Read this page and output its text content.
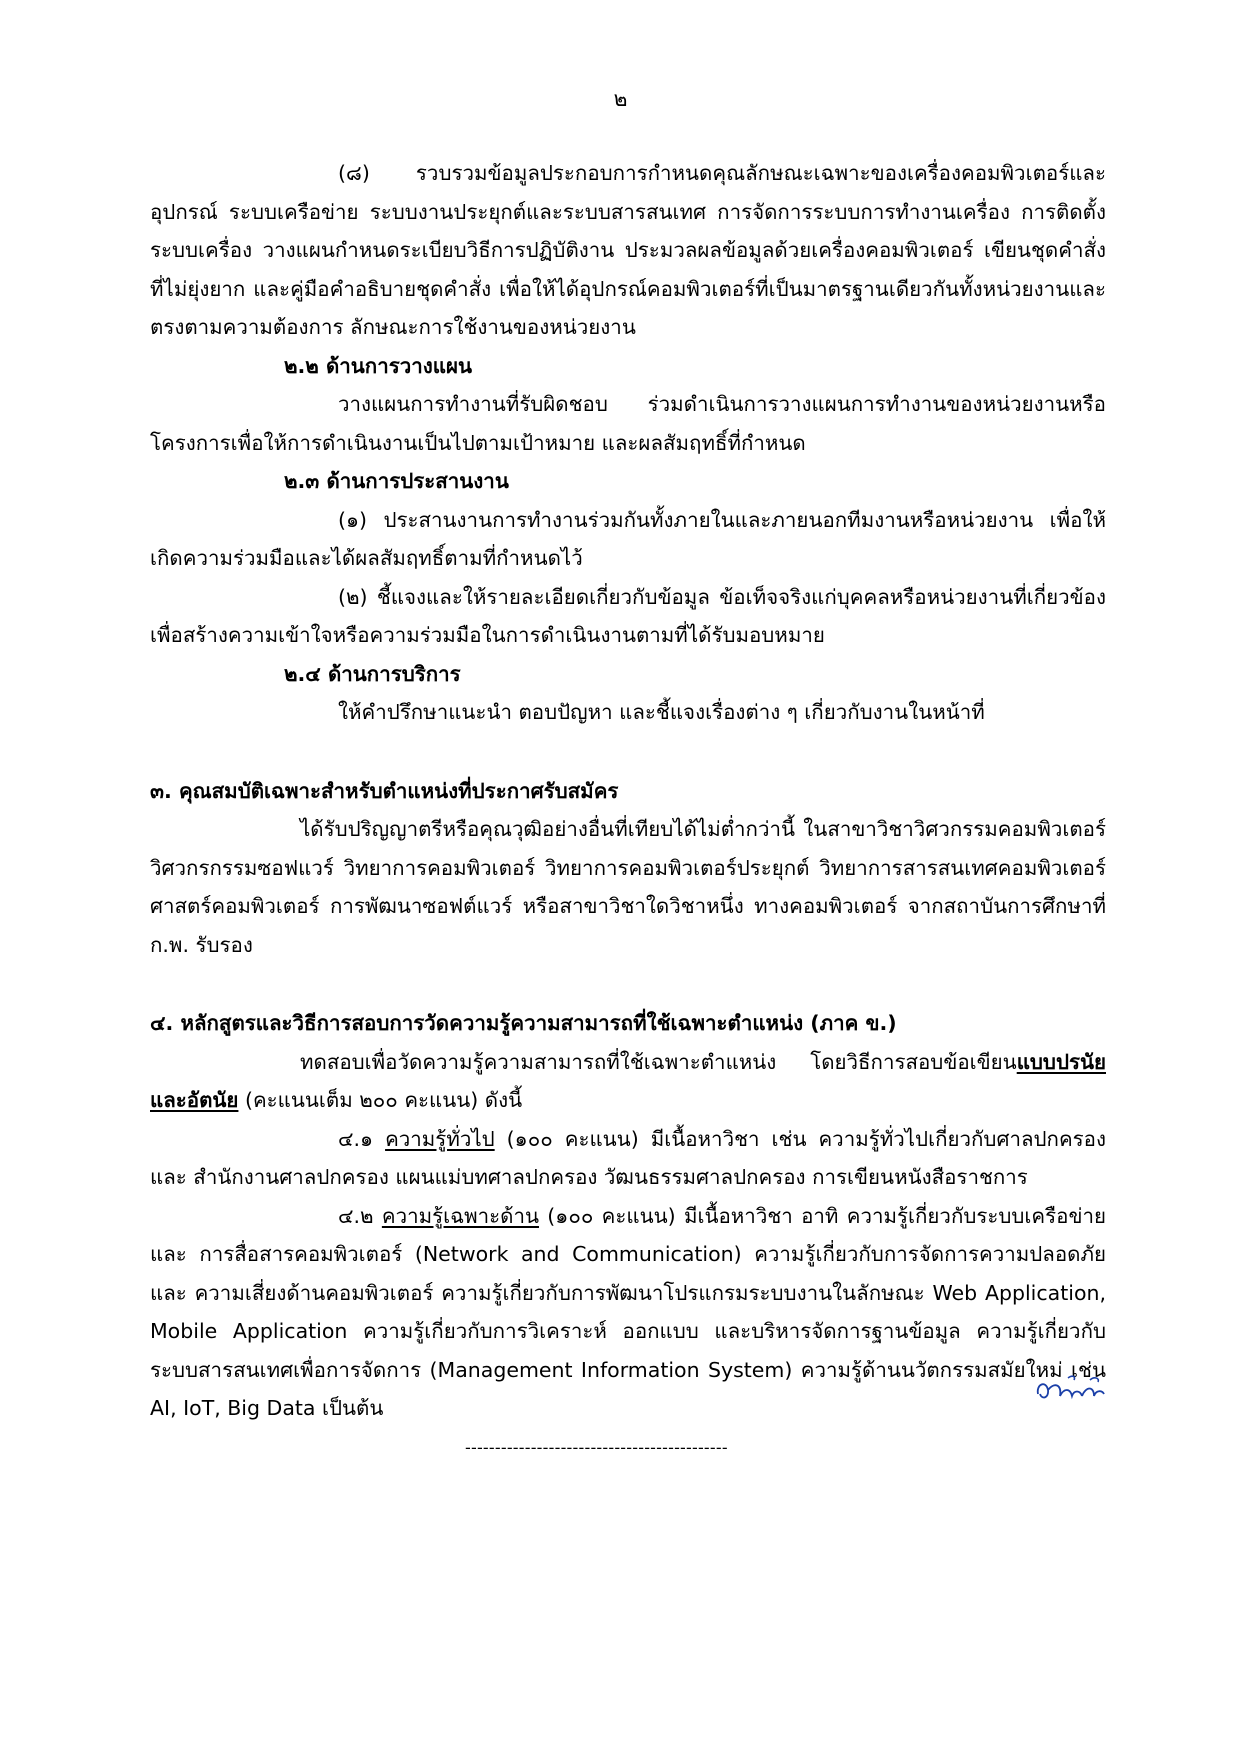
๒

(๘) รวบรวมข้อมูลประกอบการกำหนดคุณลักษณะเฉพาะของเครื่องคอมพิวเตอร์และ อุปกรณ์ ระบบเครือข่าย ระบบงานประยุกต์และระบบสารสนเทศ การจัดการระบบการทำงานเครื่อง การติดตั้ง ระบบเครื่อง วางแผนกำหนดระเบียบวิธีการปฏิบัติงาน ประมวลผลข้อมูลด้วยเครื่องคอมพิวเตอร์ เขียนชุดคำสั่ง ที่ไม่ยุ่งยาก และคู่มือคำอธิบายชุดคำสั่ง เพื่อให้ได้อุปกรณ์คอมพิวเตอร์ที่เป็นมาตรฐานเดียวกันทั้งหน่วยงานและ ตรงตามความต้องการ ลักษณะการใช้งานของหน่วยงาน

๒.๒ ด้านการวางแผน

วางแผนการทำงานที่รับผิดชอบ ร่วมดำเนินการวางแผนการทำงานของหน่วยงานหรือ โครงการเพื่อให้การดำเนินงานเป็นไปตามเป้าหมาย และผลสัมฤทธิ์ที่กำหนด

๒.๓ ด้านการประสานงาน

(๑) ประสานงานการทำงานร่วมกันทั้งภายในและภายนอกทีมงานหรือหน่วยงาน เพื่อให้ เกิดความร่วมมือและได้ผลสัมฤทธิ์ตามที่กำหนดไว้

(๒) ชี้แจงและให้รายละเอียดเกี่ยวกับข้อมูล ข้อเท็จจริงแก่บุคคลหรือหน่วยงานที่เกี่ยวข้อง เพื่อสร้างความเข้าใจหรือความร่วมมือในการดำเนินงานตามที่ได้รับมอบหมาย

๒.๔ ด้านการบริการ

ให้คำปรึกษาแนะนำ ตอบปัญหา และชี้แจงเรื่องต่าง ๆ เกี่ยวกับงานในหน้าที่

๓. คุณสมบัติเฉพาะสำหรับตำแหน่งที่ประกาศรับสมัคร

ได้รับปริญญาตรีหรือคุณวุฒิอย่างอื่นที่เทียบได้ไม่ต่ำกว่านี้ ในสาขาวิชาวิศวกรรมคอมพิวเตอร์ วิศวกรกรรมซอฟแวร์ วิทยาการคอมพิวเตอร์ วิทยาการคอมพิวเตอร์ประยุกต์ วิทยาการสารสนเทศคอมพิวเตอร์ ศาสตร์คอมพิวเตอร์ การพัฒนาซอฟต์แวร์ หรือสาขาวิชาใดวิชาหนึ่ง ทางคอมพิวเตอร์ จากสถาบันการศึกษาที่ ก.พ. รับรอง

๔. หลักสูตรและวิธีการสอบการวัดความรู้ความสามารถที่ใช้เฉพาะตำแหน่ง (ภาค ข.)

ทดสอบเพื่อวัดความรู้ความสามารถที่ใช้เฉพาะตำแหน่ง โดยวิธีการสอบข้อเขียนแบบปรนัยและอัตนัย (คะแนนเต็ม ๒๐๐ คะแนน) ดังนี้

๔.๑ ความรู้ทั่วไป (๑๐๐ คะแนน) มีเนื้อหาวิชา เช่น ความรู้ทั่วไปเกี่ยวกับศาลปกครองและ สำนักงานศาลปกครอง แผนแม่บทศาลปกครอง วัฒนธรรมศาลปกครอง การเขียนหนังสือราชการ

๔.๒ ความรู้เฉพาะด้าน (๑๐๐ คะแนน) มีเนื้อหาวิชา อาทิ ความรู้เกี่ยวกับระบบเครือข่ายและ การสื่อสารคอมพิวเตอร์ (Network and Communication) ความรู้เกี่ยวกับการจัดการความปลอดภัยและ ความเสี่ยงด้านคอมพิวเตอร์ ความรู้เกี่ยวกับการพัฒนาโปรแกรมระบบงานในลักษณะ Web Application, Mobile Application ความรู้เกี่ยวกับการวิเคราะห์ ออกแบบ และบริหารจัดการฐานข้อมูล ความรู้เกี่ยวกับ ระบบสารสนเทศเพื่อการจัดการ (Management Information System) ความรู้ด้านนวัตกรรมสมัยใหม่ เช่น AI, IoT, Big Data เป็นต้น

--------------------------------------------
